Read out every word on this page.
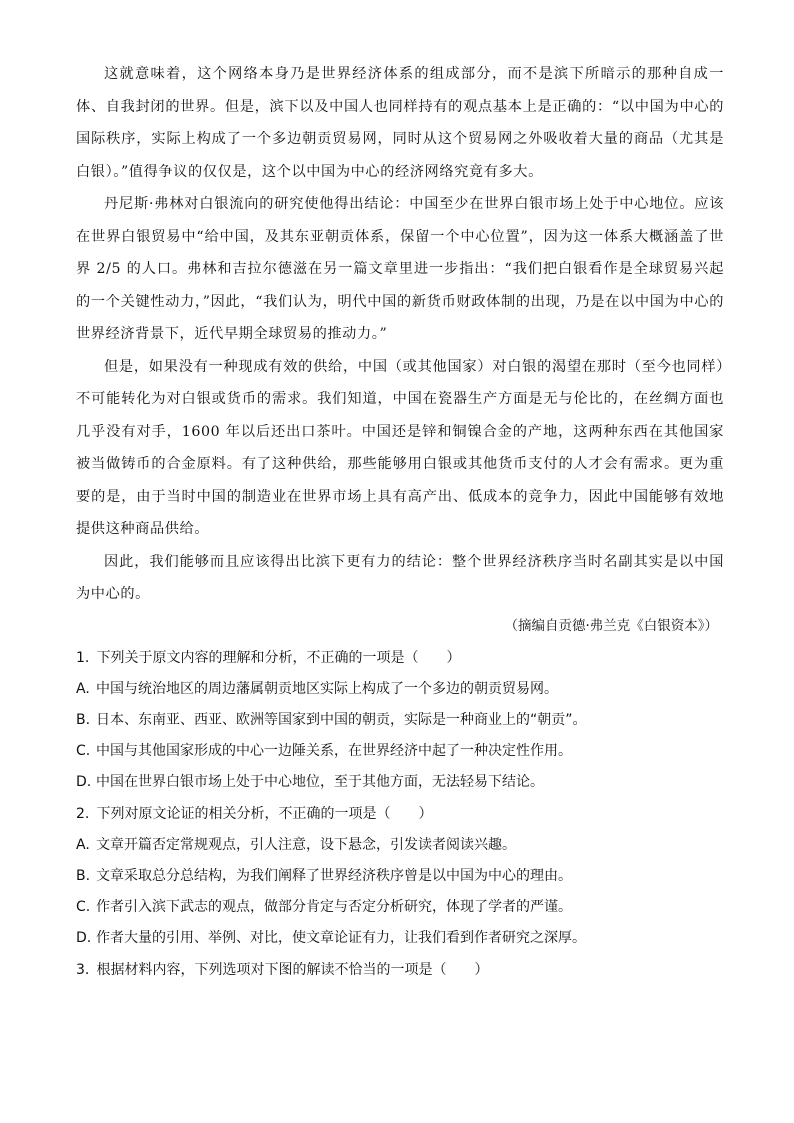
这就意味着，这个网络本身乃是世界经济体系的组成部分，而不是滨下所暗示的那种自成一体、自我封闭的世界。但是，滨下以及中国人也同样持有的观点基本上是正确的：“以中国为中心的国际秩序，实际上构成了一个多边朝贡贸易网，同时从这个贸易网之外吸收着大量的商品（尤其是白银）。”值得争议的仅仅是，这个以中国为中心的经济网络究竟有多大。

丹尼斯·弗林对白银流向的研究使他得出结论：中国至少在世界白银市场上处于中心地位。应该在世界白银贸易中“给中国，及其东亚朝贡体系，保留一个中心位置”，因为这一体系大概涵盖了世界 2/5 的人口。弗林和吉拉尔德滋在另一篇文章里进一步指出：“我们把白银看作是全球贸易兴起的一个关键性动力，”因此，“我们认为，明代中国的新货币财政体制的出现，乃是在以中国为中心的世界经济背景下，近代早期全球贸易的推动力。”

但是，如果没有一种现成有效的供给，中国（或其他国家）对白银的渴望在那时（至今也同样）不可能转化为对白银或货币的需求。我们知道，中国在瓷器生产方面是无与伦比的，在丝绸方面也几乎没有对手，1600 年以后还出口茶叶。中国还是锌和铜镍合金的产地，这两种东西在其他国家被当做铸币的合金原料。有了这种供给，那些能够用白银或其他货币支付的人才会有需求。更为重要的是，由于当时中国的制造业在世界市场上具有高产出、低成本的竞争力，因此中国能够有效地提供这种商品供给。

因此，我们能够而且应该得出比滨下更有力的结论：整个世界经济秩序当时名副其实是以中国为中心的。

（摘编自贡德·弗兰克《白银资本》）

1. 下列关于原文内容的理解和分析，不正确的一项是（　　）

A. 中国与统治地区的周边藩属朝贡地区实际上构成了一个多边的朝贡贸易网。

B. 日本、东南亚、西亚、欧洲等国家到中国的朝贡，实际是一种商业上的“朝贡”。

C. 中国与其他国家形成的中心一边陲关系，在世界经济中起了一种决定性作用。

D. 中国在世界白银市场上处于中心地位，至于其他方面，无法轻易下结论。

2. 下列对原文论证的相关分析，不正确的一项是（　　）

A. 文章开篇否定常规观点，引人注意，设下悬念，引发读者阅读兴趣。

B. 文章采取总分总结构，为我们阐释了世界经济秩序曾是以中国为中心的理由。

C. 作者引入滨下武志的观点，做部分肯定与否定分析研究，体现了学者的严谨。

D. 作者大量的引用、举例、对比，使文章论证有力，让我们看到作者研究之深厚。

3. 根据材料内容，下列选项对下图的解读不恰当的一项是（　　）
